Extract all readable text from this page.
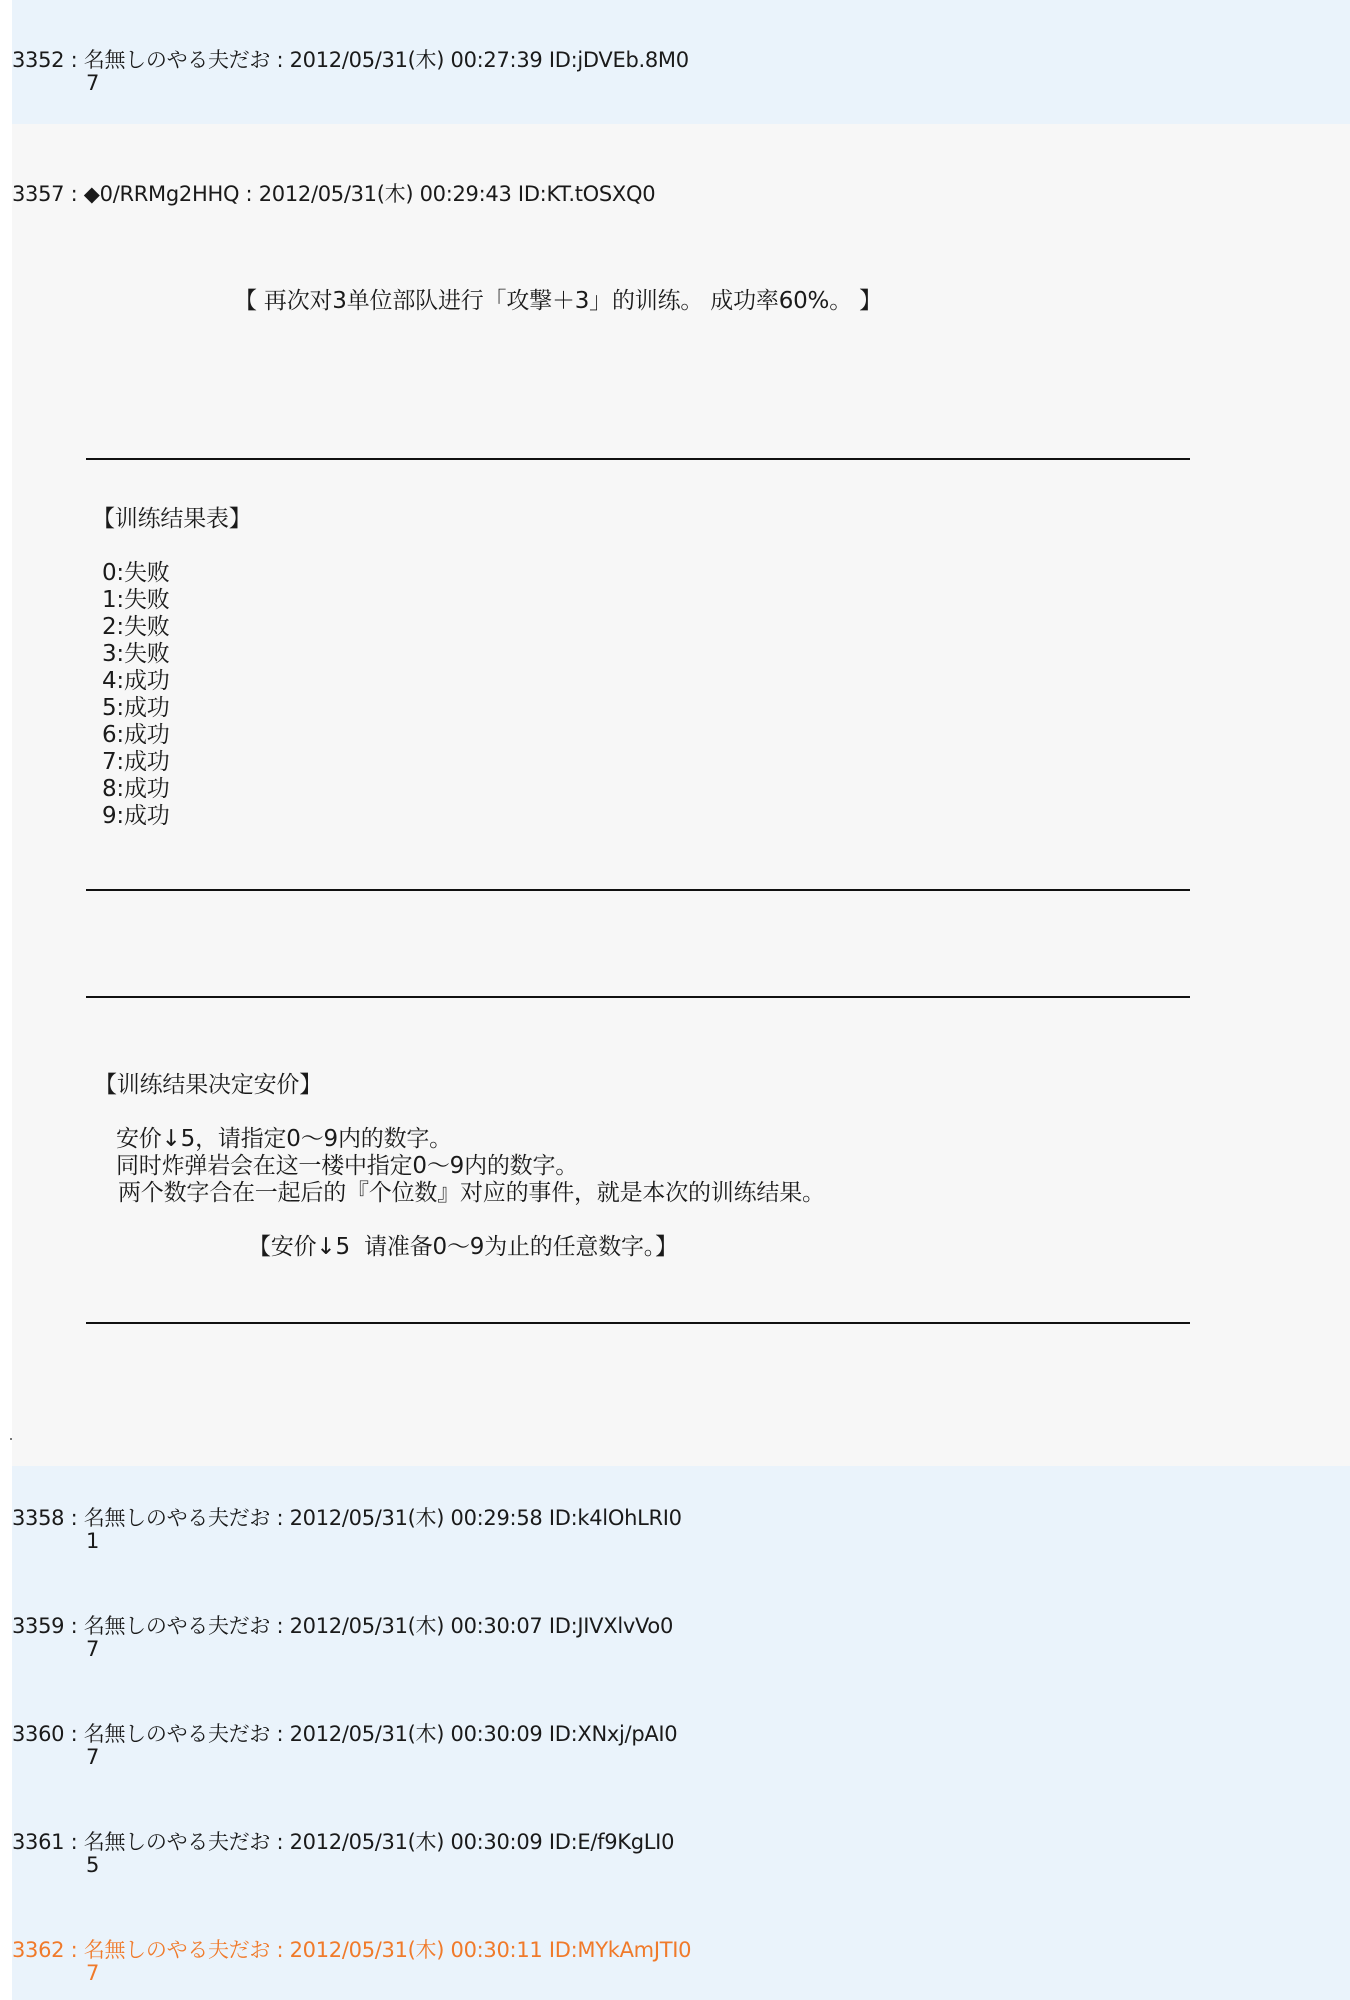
3352 : 名無しのやる夫だお : 2012/05/31(木) 00:27:39 ID:jDVEb.8M0
7
3357 : ◆0/RRMg2HHQ : 2012/05/31(木) 00:29:43 ID:KT.tOSXQ0
【 再次对3单位部队进行「攻撃＋3」的训练。 成功率60%。 】
【训练结果表】
0:失败
1:失败
2:失败
3:失败
4:成功
5:成功
6:成功
7:成功
8:成功
9:成功
【训练结果决定安价】
安价↓5，请指定0～9内的数字。
同时炸弹岩会在这一楼中指定0～9内的数字。
两个数字合在一起后的『个位数』对应的事件，就是本次的训练结果。
【安价↓5  请准备0～9为止的任意数字。】
3358 : 名無しのやる夫だお : 2012/05/31(木) 00:29:58 ID:k4lOhLRI0
1
3359 : 名無しのやる夫だお : 2012/05/31(木) 00:30:07 ID:JIVXlvVo0
7
3360 : 名無しのやる夫だお : 2012/05/31(木) 00:30:09 ID:XNxj/pAI0
7
3361 : 名無しのやる夫だお : 2012/05/31(木) 00:30:09 ID:E/f9KgLI0
5
3362 : 名無しのやる夫だお : 2012/05/31(木) 00:30:11 ID:MYkAmJTI0
7
